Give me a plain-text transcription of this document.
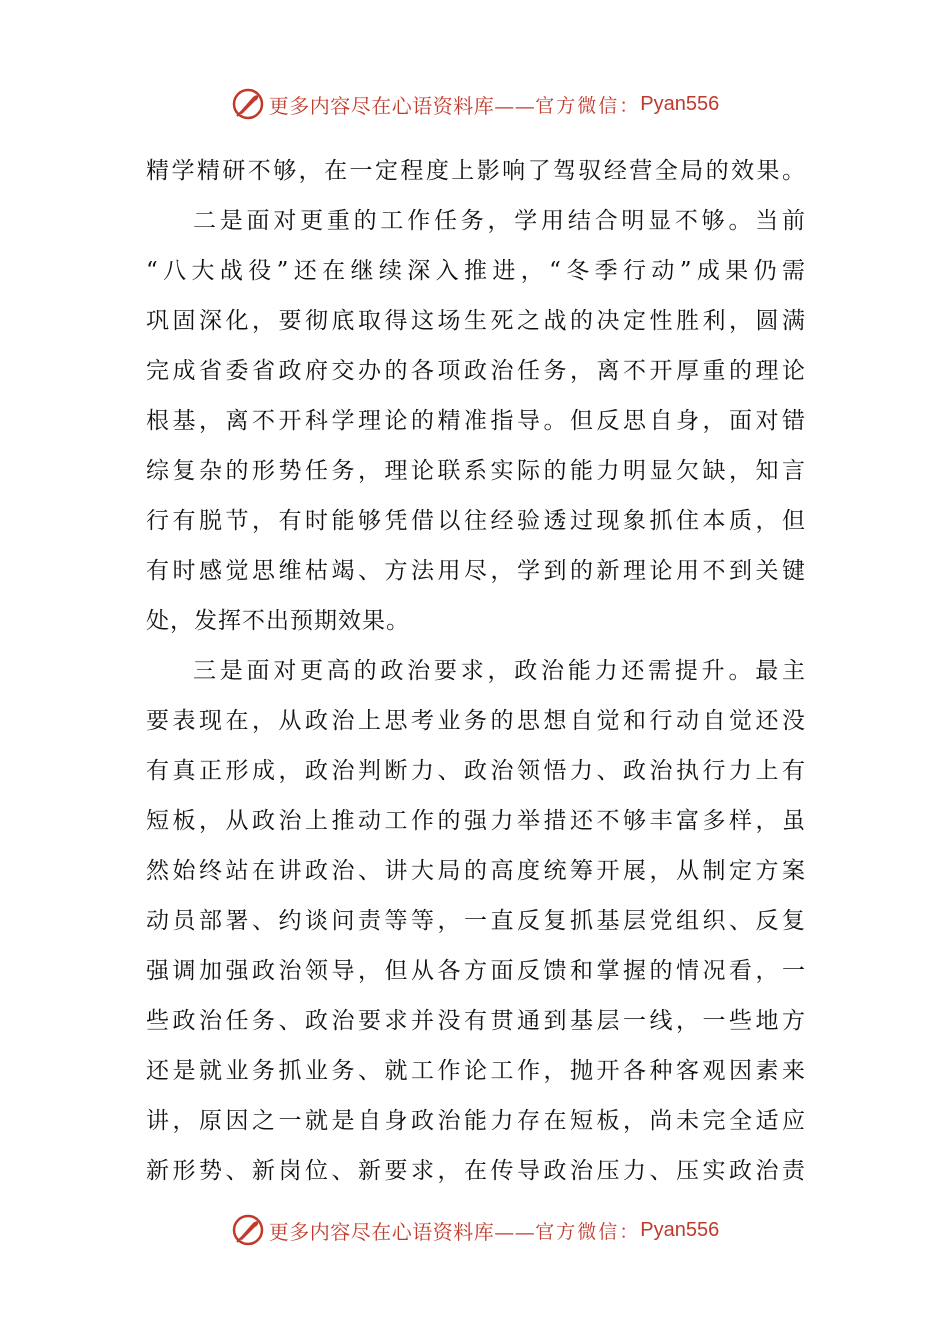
更多内容尽在心语资料库—— 官方微信： Pyan556
精学精研不够，在一定程度上影响了驾驭经营全局的效果。
二是面对更重的工作任务，学用结合明显不够。当前
“八大战役”还在继续深入推进，“冬季行动”成果仍需
巩固深化，要彻底取得这场生死之战的决定性胜利，圆满
完成省委省政府交办的各项政治任务，离不开厚重的理论
根基，离不开科学理论的精准指导。但反思自身，面对错
综复杂的形势任务，理论联系实际的能力明显欠缺，知言
行有脱节，有时能够凭借以往经验透过现象抓住本质，但
有时感觉思维枯竭、方法用尽，学到的新理论用不到关键
处，发挥不出预期效果。
三是面对更高的政治要求，政治能力还需提升。最主
要表现在，从政治上思考业务的思想自觉和行动自觉还没
有真正形成，政治判断力、政治领悟力、政治执行力上有
短板，从政治上推动工作的强力举措还不够丰富多样，虽
然始终站在讲政治、讲大局的高度统筹开展，从制定方案
动员部署、约谈问责等等，一直反复抓基层党组织、反复
强调加强政治领导，但从各方面反馈和掌握的情况看，一
些政治任务、政治要求并没有贯通到基层一线，一些地方
还是就业务抓业务、就工作论工作，抛开各种客观因素来
讲，原因之一就是自身政治能力存在短板，尚未完全适应
新形势、新岗位、新要求，在传导政治压力、压实政治责
更多内容尽在心语资料库—— 官方微信： Pyan556
